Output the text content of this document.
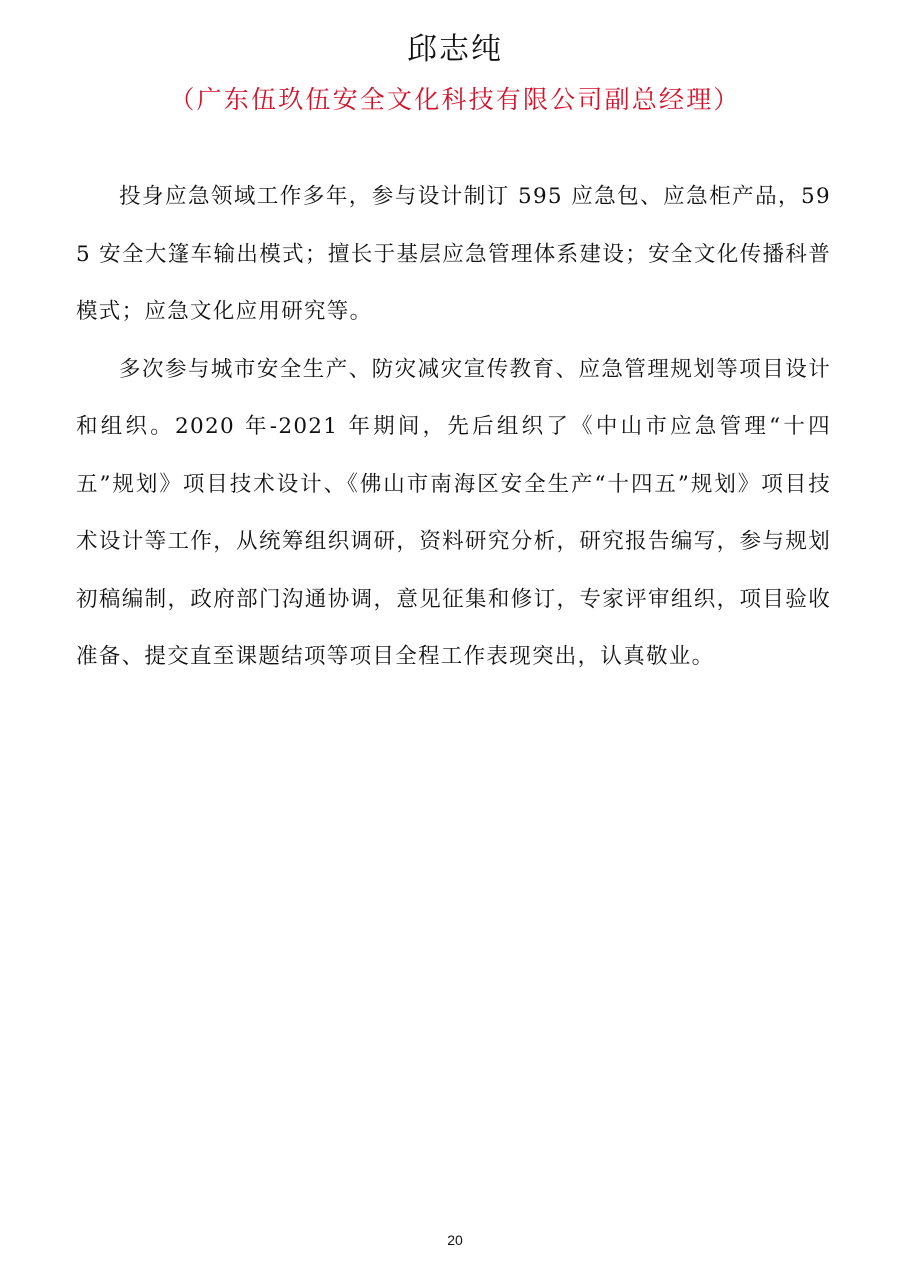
邱志纯
（广东伍玖伍安全文化科技有限公司副总经理）

投身应急领域工作多年，参与设计制订 595 应急包、应急柜产品，595 安全大篷车输出模式；擅长于基层应急管理体系建设；安全文化传播科普模式；应急文化应用研究等。

多次参与城市安全生产、防灾减灾宣传教育、应急管理规划等项目设计和组织。2020 年-2021 年期间，先后组织了《中山市应急管理“十四五”规划》项目技术设计、《佛山市南海区安全生产“十四五”规划》项目技术设计等工作，从统筹组织调研，资料研究分析，研究报告编写，参与规划初稿编制，政府部门沟通协调，意见征集和修订，专家评审组织，项目验收准备、提交直至课题结项等项目全程工作表现突出，认真敬业。

20
